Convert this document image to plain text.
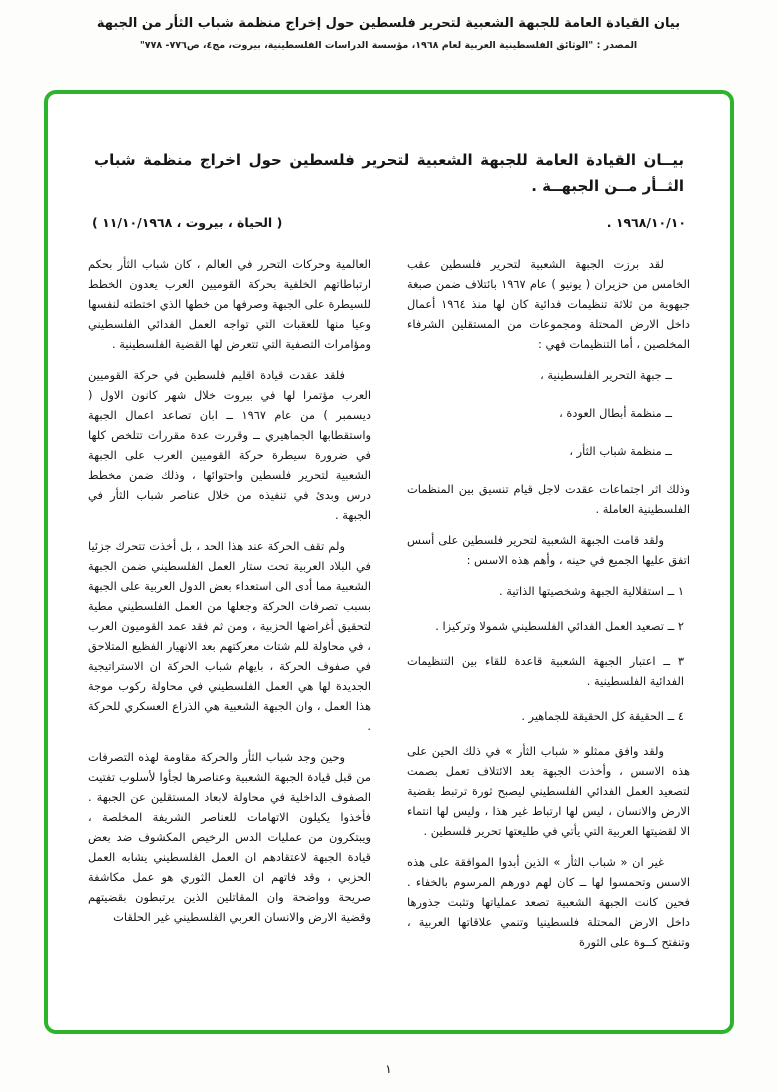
بيان القيادة العامة للجبهة الشعبية لتحرير فلسطين حول إخراج منظمة شباب الثأر من الجبهة
المصدر : "الوثائق الفلسطينية العربية لعام ١٩٦٨، مؤسسة الدراسات الفلسطينية، بيروت، مج٤، ص٧٧٦- ٧٧٨"
بيــان القيادة العامة للجبهة الشعبية لتحرير فلسطين حول اخراج منظمة شباب
الثــأر مــن الجبهــة .
١٩٦٨/١٠/١٠ .
( الحياة ، بيروت ، ١١/١٠/١٩٦٨ )

لقد برزت الجبهة الشعبية لتحرير فلسطين عقب الخامس من حزيران ( يونيو ) عام ١٩٦٧ بائتلاف ضمن صبغة جبهوية من ثلاثة تنظيمات فدائية كان لها منذ ١٩٦٤ أعمال داخل الارض المحتلة ومجموعات من المستقلين الشرفاء المخلصين ، أما التنظيمات فهي :

ــ جبهة التحرير الفلسطينية ،

ــ منظمة أبطال العودة ،

ــ منظمة شباب الثأر ،

وذلك اثر اجتماعات عقدت لاجل قيام تنسيق بين المنظمات الفلسطينية العاملة .

ولقد قامت الجبهة الشعبية لتحرير فلسطين على أسس اتفق عليها الجميع في حينه ، وأهم هذه الاسس :

١ ــ استقلالية الجبهة وشخصيتها الذاتية .

٢ ــ تصعيد العمل الفدائي الفلسطيني شمولا وتركيزا .

٣ ــ اعتبار الجبهة الشعبية قاعدة للقاء بين التنظيمات الفدائية الفلسطينية .

٤ ــ الحقيقة كل الحقيقة للجماهير .

ولقد وافق ممثلو « شباب الثأر » في ذلك الحين على هذه الاسس ، وأخذت الجبهة بعد الائتلاف تعمل بصمت لتصعيد العمل الفدائي الفلسطيني ليصبح ثورة ترتبط بقضية الارض والانسان ، ليس لها ارتباط غير هذا ، وليس لها انتماء الا لقضيتها العربية التي يأتي في طليعتها تحرير فلسطين .

غير ان « شباب الثأر » الذين أبدوا الموافقة على هذه الاسس وتحمسوا لها ــ كان لهم دورهم المرسوم بالخفاء . فحين كانت الجبهة الشعبية تصعد عملياتها وتثبت جذورها داخل الارض المحتلة فلسطينيا وتنمي علاقاتها العربية ، وتنفتح كــوة على الثورة

العالمية وحركات التحرر في العالم ، كان شباب الثأر بحكم ارتباطاتهم الخلفية بحركة القوميين العرب يعدون الخطط للسيطرة على الجبهة وصرفها من خطها الذي اختطته لنفسها وعيا منها للعقبات التي تواجه العمل الفدائي الفلسطيني ومؤامرات التصفية التي تتعرض لها القضية الفلسطينية .

فلقد عقدت قيادة اقليم فلسطين في حركة القوميين العرب مؤتمرا لها في بيروت خلال شهر كانون الاول ( ديسمبر ) من عام ١٩٦٧ ــ ابان تصاعد اعمال الجبهة واستقطابها الجماهيري ــ وقررت عدة مقررات تتلخص كلها في ضرورة سيطرة حركة القوميين العرب على الجبهة الشعبية لتحرير فلسطين واحتوائها ، وذلك ضمن مخطط درس وبدئ في تنفيذه من خلال عناصر شباب الثأر في الجبهة .

ولم تقف الحركة عند هذا الحد ، بل أخذت تتحرك جزئيا في البلاد العربية تحت ستار العمل الفلسطيني ضمن الجبهة الشعبية مما أدى الى استعداء بعض الدول العربية على الجبهة بسبب تصرفات الحركة وجعلها من العمل الفلسطيني مطية لتحقيق أغراضها الحزبية ، ومن ثم فقد عمد القوميون العرب ، في محاولة للم شتات معركتهم بعد الانهيار الفظيع المتلاحق في صفوف الحركة ، بايهام شباب الحركة ان الاستراتيجية الجديدة لها هي العمل الفلسطيني في محاولة ركوب موجة هذا العمل ، وان الجبهة الشعبية هي الذراع العسكري للحركة .

وحين وجد شباب الثأر والحركة مقاومة لهذه التصرفات من قبل قيادة الجبهة الشعبية وعناصرها لجأوا لأسلوب تفتيت الصفوف الداخلية في محاولة لابعاد المستقلين عن الجبهة . فأخذوا يكيلون الاتهامات للعناصر الشريفة المخلصة ، ويبتكرون من عمليات الدس الرخيص المكشوف ضد بعض قيادة الجبهة لاعتقادهم ان العمل الفلسطيني يشابه العمل الحزبي ، وقد فاتهم ان العمل الثوري هو عمل مكاشفة صريحة وواضحة وان المقاتلين الذين يرتبطون بقضيتهم وقضية الارض والانسان العربي الفلسطيني غير الحلقات

١
